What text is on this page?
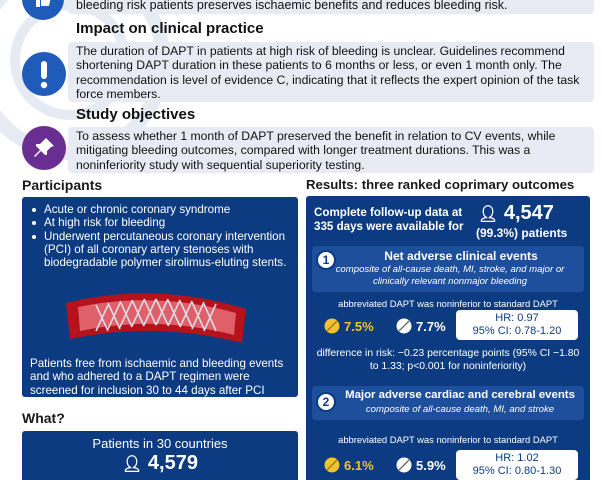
bleeding risk patients preserves ischaemic benefits and reduces bleeding risk.
Impact on clinical practice
The duration of DAPT in patients at high risk of bleeding is unclear. Guidelines recommend shortening DAPT duration in these patients to 6 months or less, or even 1 month only. The recommendation is level of evidence C, indicating that it reflects the expert opinion of the task force members.
Study objectives
To assess whether 1 month of DAPT preserved the benefit in relation to CV events, while mitigating bleeding outcomes, compared with longer treatment durations. This was a noninferiority study with sequential superiority testing.
Participants
Acute or chronic coronary syndrome
At high risk for bleeding
Underwent percutaneous coronary intervention (PCI) of all coronary artery stenoses with biodegradable polymer sirolimus-eluting stents.
Patients free from ischaemic and bleeding events and who adhered to a DAPT regimen were screened for inclusion 30 to 44 days after PCI
What?
Patients in 30 countries
👤︎ 4,579
Results: three ranked coprimary outcomes
Complete follow-up data at 335 days were available for
👤︎ 4,547
(99.3%) patients
1	Net adverse clinical events
composite of all-cause death, MI, stroke, and major or clinically relevant nonmajor bleeding
abbreviated DAPT was noninferior to standard DAPT
7.5%	7.7%
HR: 0.97
95% CI: 0.78-1.20
difference in risk: −0.23 percentage points (95% CI −1.80 to 1.33; p<0.001 for noninferiority)
2	Major adverse cardiac and cerebral events
composite of all-cause death, MI, and stroke
abbreviated DAPT was noninferior to standard DAPT
6.1%	5.9%	HR: 1.02
95% CI: 0.80-1.30
